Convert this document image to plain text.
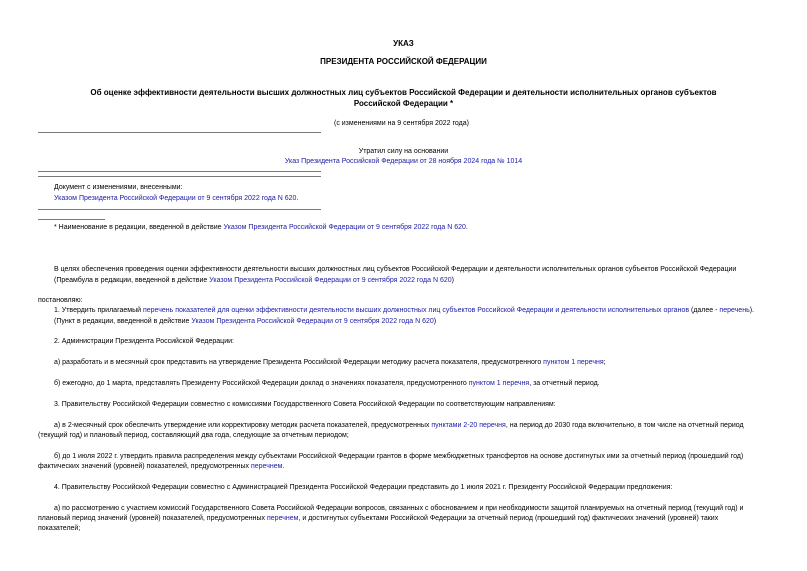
УКАЗ
ПРЕЗИДЕНТА РОССИЙСКОЙ ФЕДЕРАЦИИ
Об оценке эффективности деятельности высших должностных лиц субъектов Российской Федерации и деятельности исполнительных органов субъектов
Российской Федерации *
(с изменениями на 9 сентября 2022 года)
Утратил силу на основании
Указ Президента Российской Федерации от 28 ноября 2024 года № 1014
Документ с изменениями, внесенными:
Указом Президента Российской Федерации от 9 сентября 2022 года N 620.
* Наименование в редакции, введенной в действие Указом Президента Российской Федерации от 9 сентября 2022 года N 620.
В целях обеспечения проведения оценки эффективности деятельности высших должностных лиц субъектов Российской Федерации и деятельности исполнительных органов субъектов Российской Федерации
(Преамбула в редакции, введенной в действие Указом Президента Российской Федерации от 9 сентября 2022 года N 620)
постановляю:
1. Утвердить прилагаемый перечень показателей для оценки эффективности деятельности высших должностных лиц субъектов Российской Федерации и деятельности исполнительных органов (далее - перечень).
(Пункт в редакции, введенной в действие Указом Президента Российской Федерации от 9 сентября 2022 года N 620)
2. Администрации Президента Российской Федерации:
а) разработать и в месячный срок представить на утверждение Президента Российской Федерации методику расчета показателя, предусмотренного пунктом 1 перечня;
б) ежегодно, до 1 марта, представлять Президенту Российской Федерации доклад о значениях показателя, предусмотренного пунктом 1 перечня, за отчетный период.
3. Правительству Российской Федерации совместно с комиссиями Государственного Совета Российской Федерации по соответствующим направлениям:
а) в 2-месячный срок обеспечить утверждение или корректировку методик расчета показателей, предусмотренных пунктами 2-20 перечня, на период до 2030 года включительно, в том числе на отчетный период
(текущий год) и плановый период, составляющий два года, следующие за отчетным периодом;
б) до 1 июля 2022 г. утвердить правила распределения между субъектами Российской Федерации грантов в форме межбюджетных трансфертов на основе достигнутых ими за отчетный период (прошедший год)
фактических значений (уровней) показателей, предусмотренных перечнем.
4. Правительству Российской Федерации совместно с Администрацией Президента Российской Федерации представить до 1 июля 2021 г. Президенту Российской Федерации предложения:
а) по рассмотрению с участием комиссий Государственного Совета Российской Федерации вопросов, связанных с обоснованием и при необходимости защитой планируемых на отчетный период (текущий год) и
плановый период значений (уровней) показателей, предусмотренных перечнем, и достигнутых субъектами Российской Федерации за отчетный период (прошедший год) фактических значений (уровней) таких
показателей;
